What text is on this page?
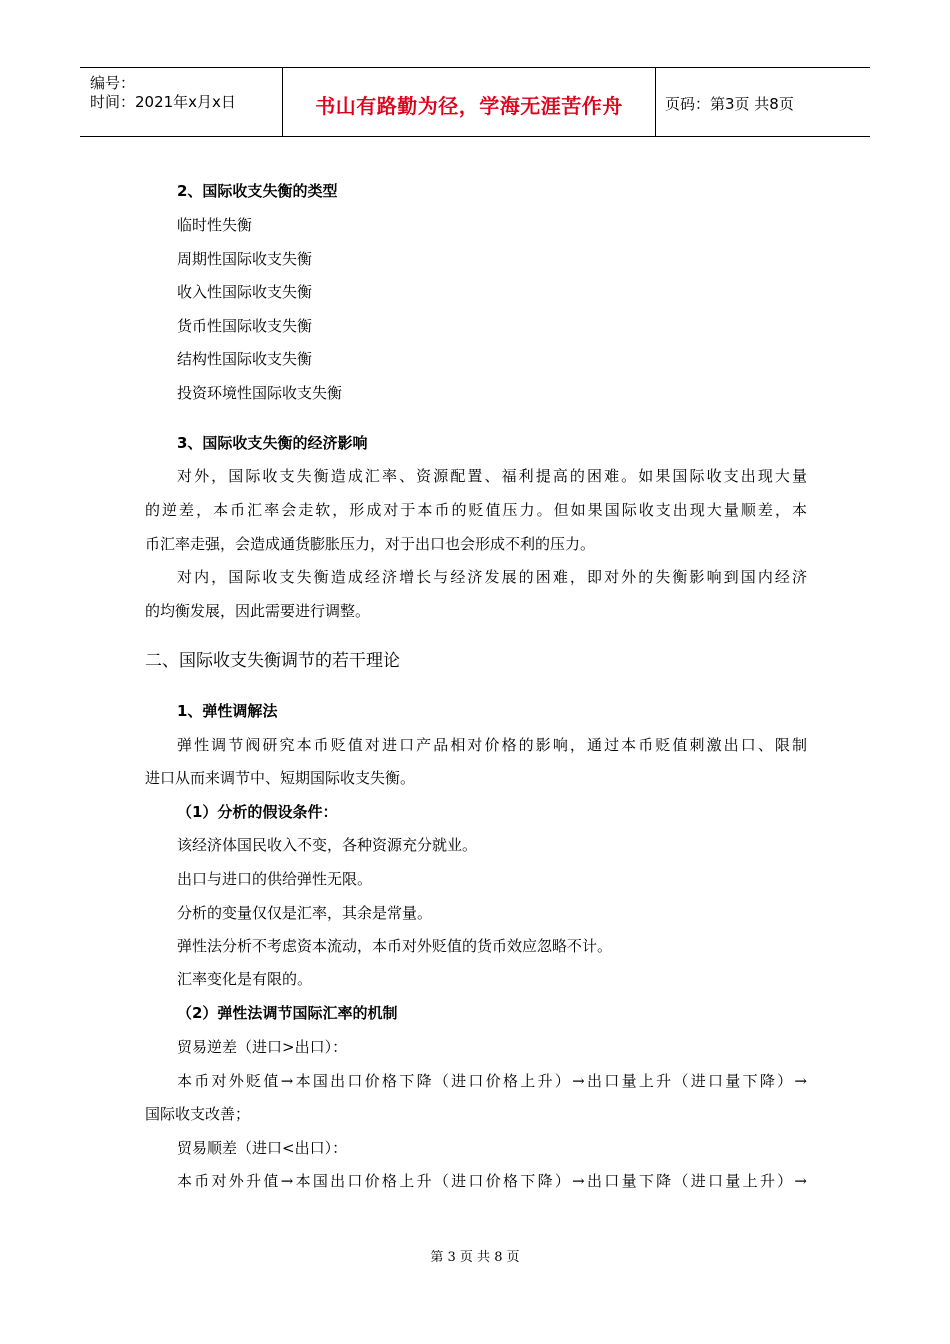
编号：
时间：2021年x月x日	书山有路勤为径，学海无涯苦作舟	页码：第3页 共8页
2、国际收支失衡的类型
临时性失衡
周期性国际收支失衡
收入性国际收支失衡
货币性国际收支失衡
结构性国际收支失衡
投资环境性国际收支失衡
3、国际收支失衡的经济影响
对外，国际收支失衡造成汇率、资源配置、福利提高的困难。如果国际收支出现大量
的逆差，本币汇率会走软，形成对于本币的贬值压力。但如果国际收支出现大量顺差，本
币汇率走强，会造成通货膨胀压力，对于出口也会形成不利的压力。
对内，国际收支失衡造成经济增长与经济发展的困难，即对外的失衡影响到国内经济
的均衡发展，因此需要进行调整。
二、国际收支失衡调节的若干理论
1、弹性调解法
弹性调节阀研究本币贬值对进口产品相对价格的影响，通过本币贬值刺激出口、限制
进口从而来调节中、短期国际收支失衡。
（1）分析的假设条件：
该经济体国民收入不变，各种资源充分就业。
出口与进口的供给弹性无限。
分析的变量仅仅是汇率，其余是常量。
弹性法分析不考虑资本流动，本币对外贬值的货币效应忽略不计。
汇率变化是有限的。
（2）弹性法调节国际汇率的机制
贸易逆差（进口>出口）：
本币对外贬值→本国出口价格下降（进口价格上升）→出口量上升（进口量下降）→
国际收支改善；
贸易顺差（进口<出口）：
本币对外升值→本国出口价格上升（进口价格下降）→出口量下降（进口量上升）→
第 3 页 共 8 页
